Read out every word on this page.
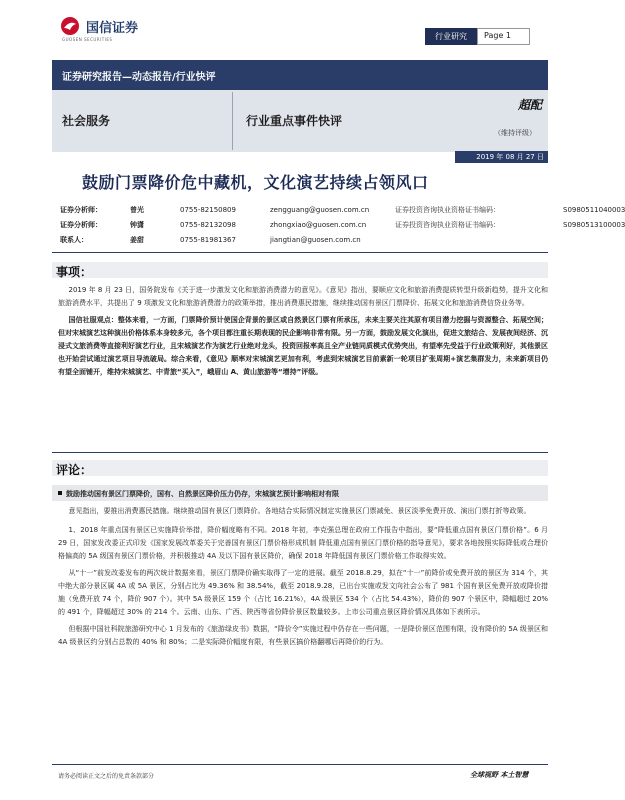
国信证券
GUOSEN SECURITIES	行业研究	Page 1
证券研究报告—动态报告/行业快评
社会服务	行业重点事件快评
超配
（维持评级）
2019 年 08 月 27 日
鼓励门票降价危中藏机，文化演艺持续占领风口
证券分析师：	曾光	0755-82150809	zengguang@guosen.com.cn	证券投资咨询执业资格证书编码：	S0980511040003
证券分析师：	钟潇	0755-82132098	zhongxiao@guosen.com.cn	证券投资咨询执业资格证书编码：	S0980513100003
联系人：	姜甜	0755-81981367	jiangtian@guosen.com.cn
事项：

2019 年 8 月 23 日，国务院发布《关于进一步激发文化和旅游消费潜力的意见》。《意见》指出，要顺应文化和旅游消费提质转型升级新趋势，提升文化和旅游消费水平，共提出了 9 项激发文化和旅游消费潜力的政策举措，推出消费惠民措施，继续推动国有景区门票降价、拓展文化和旅游消费信贷业务等。

国信社服观点：整体来看，一方面，门票降价预计使国企背景的景区或自然景区门票有所承压，未来主要关注其原有项目潜力挖掘与资源整合、拓展空间；但对宋城演艺这种演出价格体系本身较多元，各个项目都注重长期表现的民企影响非常有限。另一方面，鼓励发展文化演出，促进文旅结合、发展夜间经济、沉浸式文旅消费等直接利好演艺行业，且宋城演艺作为演艺行业绝对龙头，投资回报率高且全产业链同质模式优势突出，有望率先受益于行业政策利好，其他景区也开始尝试通过演艺项目导流破局。综合来看，《意见》顺率对宋城演艺更加有利，考虑到宋城演艺目前素新一轮项目扩张周期+演艺集群发力，未来新项目仍有望全面铺开，维持宋城演艺、中青旅“买入”，峨眉山 A、黄山旅游等“增持”评级。

评论：
鼓励推动国有景区门票降价，国有、自然景区降价压力仍存，宋城演艺预计影响相对有限

意见指出，要推出消费惠民措施。继续推动国有景区门票降价。各地结合实际情况制定实施景区门票减免、景区淡季免费开放、演出门票打折等政策。

1、2018 年重点国有景区已实施降价举措，降价幅度略有不同。2018 年初，李克强总理在政府工作报告中指出，要“降低重点国有景区门票价格”。6 月 29 日，国家发改委正式印发《国家发展改革委关于完善国有景区门票价格形成机制 降低重点国有景区门票价格的指导意见》，要求各地按照实际降低或合理价格偏高的 5A 级国有景区门票价格，并积极推动 4A 及以下国有景区降价，确保 2018 年降低国有景区门票价格工作取得实效。

从“十一”前发改委发布的两次统计数据来看，景区门票降价确实取得了一定的进展。截至 2018.8.29，拟在“十一”前降价或免费开放的景区为 314 个，其中绝大部分景区属 4A 或 5A 景区，分别占比为 49.36% 和 38.54%，截至 2018.9.28，已出台实施或发文向社会公布了 981 个国有景区免费开放或降价措施（免费开放 74 个，降价 907 个）。其中 5A 级景区 159 个（占比 16.21%），4A 级景区 534 个（占比 54.43%），降价的 907 个景区中，降幅超过 20% 的 491 个，降幅超过 30% 的 214 个。云南、山东、广西、陕西等省份降价景区数量较多。上市公司重点景区降价情况具体如下表所示。

但根据中国社科院旅游研究中心 1 月发布的《旅游绿皮书》数据，“降价令”实施过程中仍存在一些问题，一是降价景区范围有限，没有降价的 5A 级景区和 4A 级景区约分别占总数的 40% 和 80%；二是实际降价幅度有限，有些景区搞价格翻哪后再降价的行为。

请务必阅读正文之后的免责条款部分	全球视野 本土智慧
